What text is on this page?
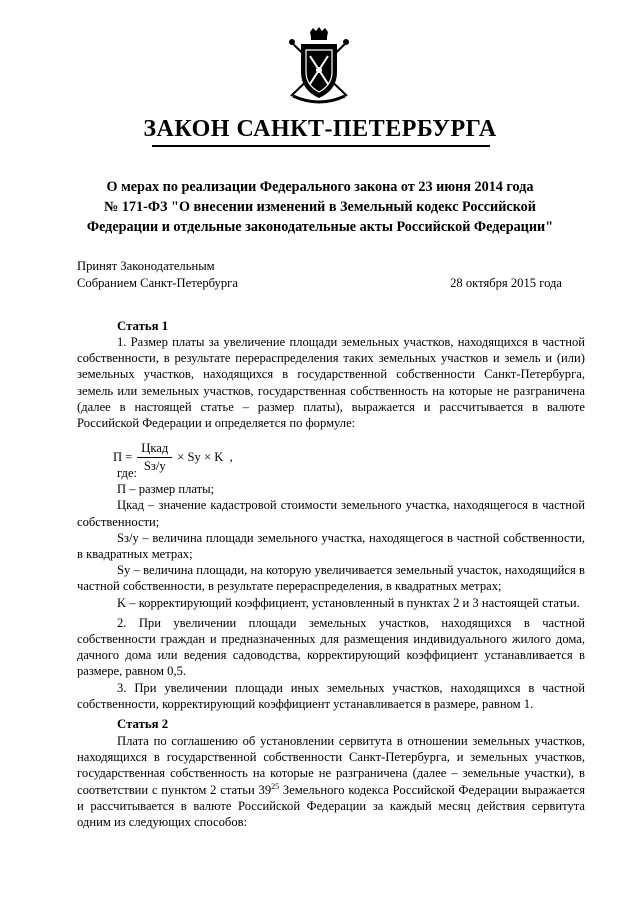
ЗАКОН САНКТ-ПЕТЕРБУРГА
О мерах по реализации Федерального закона от 23 июня 2014 года
№ 171-ФЗ "О внесении изменений в Земельный кодекс Российской
Федерации и отдельные законодательные акты Российской Федерации"
Принят Законодательным
Собранием Санкт-Петербурга	28 октября 2015 года
Статья 1

1. Размер платы за увеличение площади земельных участков, находящихся в частной собственности, в результате перераспределения таких земельных участков и земель и (или) земельных участков, находящихся в государственной собственности Санкт-Петербурга, земель или земельных участков, государственная собственность на которые не разграничена (далее в настоящей статье – размер платы), выражается и рассчитывается в валюте Российской Федерации и определяется по формуле:

$П = \frac{\text{Цкад}}{Sз/у} \times Sy \times K$  ,

где:

П – размер платы;

Цкад – значение кадастровой стоимости земельного участка, находящегося в частной собственности;

Sз/у – величина площади земельного участка, находящегося в частной собственности, в квадратных метрах;

Sy – величина площади, на которую увеличивается земельный участок, находящийся в частной собственности, в результате перераспределения, в квадратных метрах;

K – корректирующий коэффициент, установленный в пунктах 2 и 3 настоящей статьи.

2. При увеличении площади земельных участков, находящихся в частной собственности граждан и предназначенных для размещения индивидуального жилого дома, дачного дома или ведения садоводства, корректирующий коэффициент устанавливается в размере, равном 0,5.

3. При увеличении площади иных земельных участков, находящихся в частной собственности, корректирующий коэффициент устанавливается в размере, равном 1.

Статья 2

Плата по соглашению об установлении сервитута в отношении земельных участков, находящихся в государственной собственности Санкт-Петербурга, и земельных участков, государственная собственность на которые не разграничена (далее – земельные участки), в соответствии с пунктом 2 статьи $39^{25}$ Земельного кодекса Российской Федерации выражается и рассчитывается в валюте Российской Федерации за каждый месяц действия сервитута одним из следующих способов:
